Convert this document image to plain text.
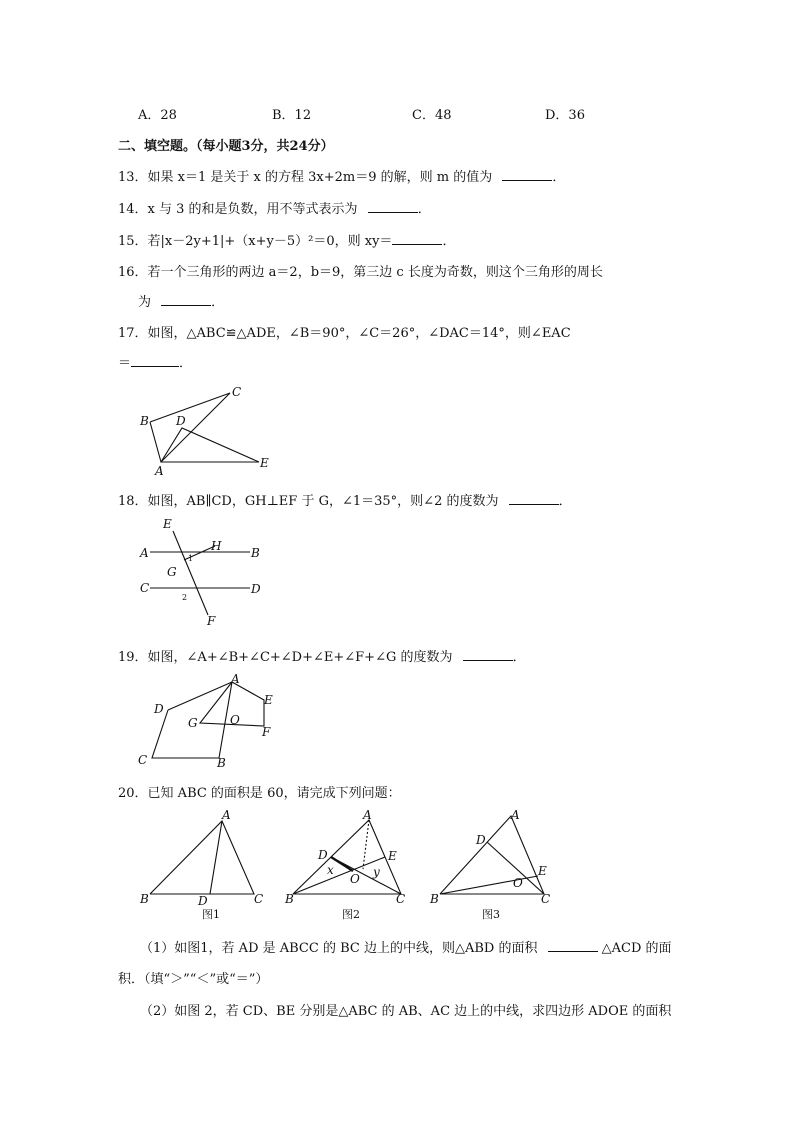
A．28	B．12	C．48	D．36
二、填空题。（每小题3分，共24分）
13．如果 x＝1 是关于 x 的方程 3x+2m＝9 的解，则 m 的值为	．
14．x 与 3 的和是负数，用不等式表示为	．
15．若|x－2y+1|+（x+y－5）²＝0，则 xy＝	．
16．若一个三角形的两边 a＝2，b＝9，第三边 c 长度为奇数，则这个三角形的周长
为	．
17．如图，△ABC≌△ADE，∠B＝90°，∠C＝26°，∠DAC＝14°，则∠EAC
＝	．
C
B D
A
E
18．如图，AB∥CD，GH⊥EF 于 G，∠1＝35°，则∠2 的度数为	．
E
H
A	B
G
C	D
F
1
2
19．如图，∠A+∠B+∠C+∠D+∠E+∠F+∠G 的度数为	．
A
D
E
G	O
F
C	B
20．已知 ABC 的面积是 60，请完成下列问题：
A
B	D	C
图1
A
D	E
x	y
O
B	C
图2
A
D
E
O
B	C
图3
（1）如图1，若 AD 是 ABCC 的 BC 边上的中线，则△ABD 的面积	△ACD 的面
积．（填“＞”“＜”或“＝”）
（2）如图 2，若 CD、BE 分别是△ABC 的 AB、AC 边上的中线，求四边形 ADOE 的面积
